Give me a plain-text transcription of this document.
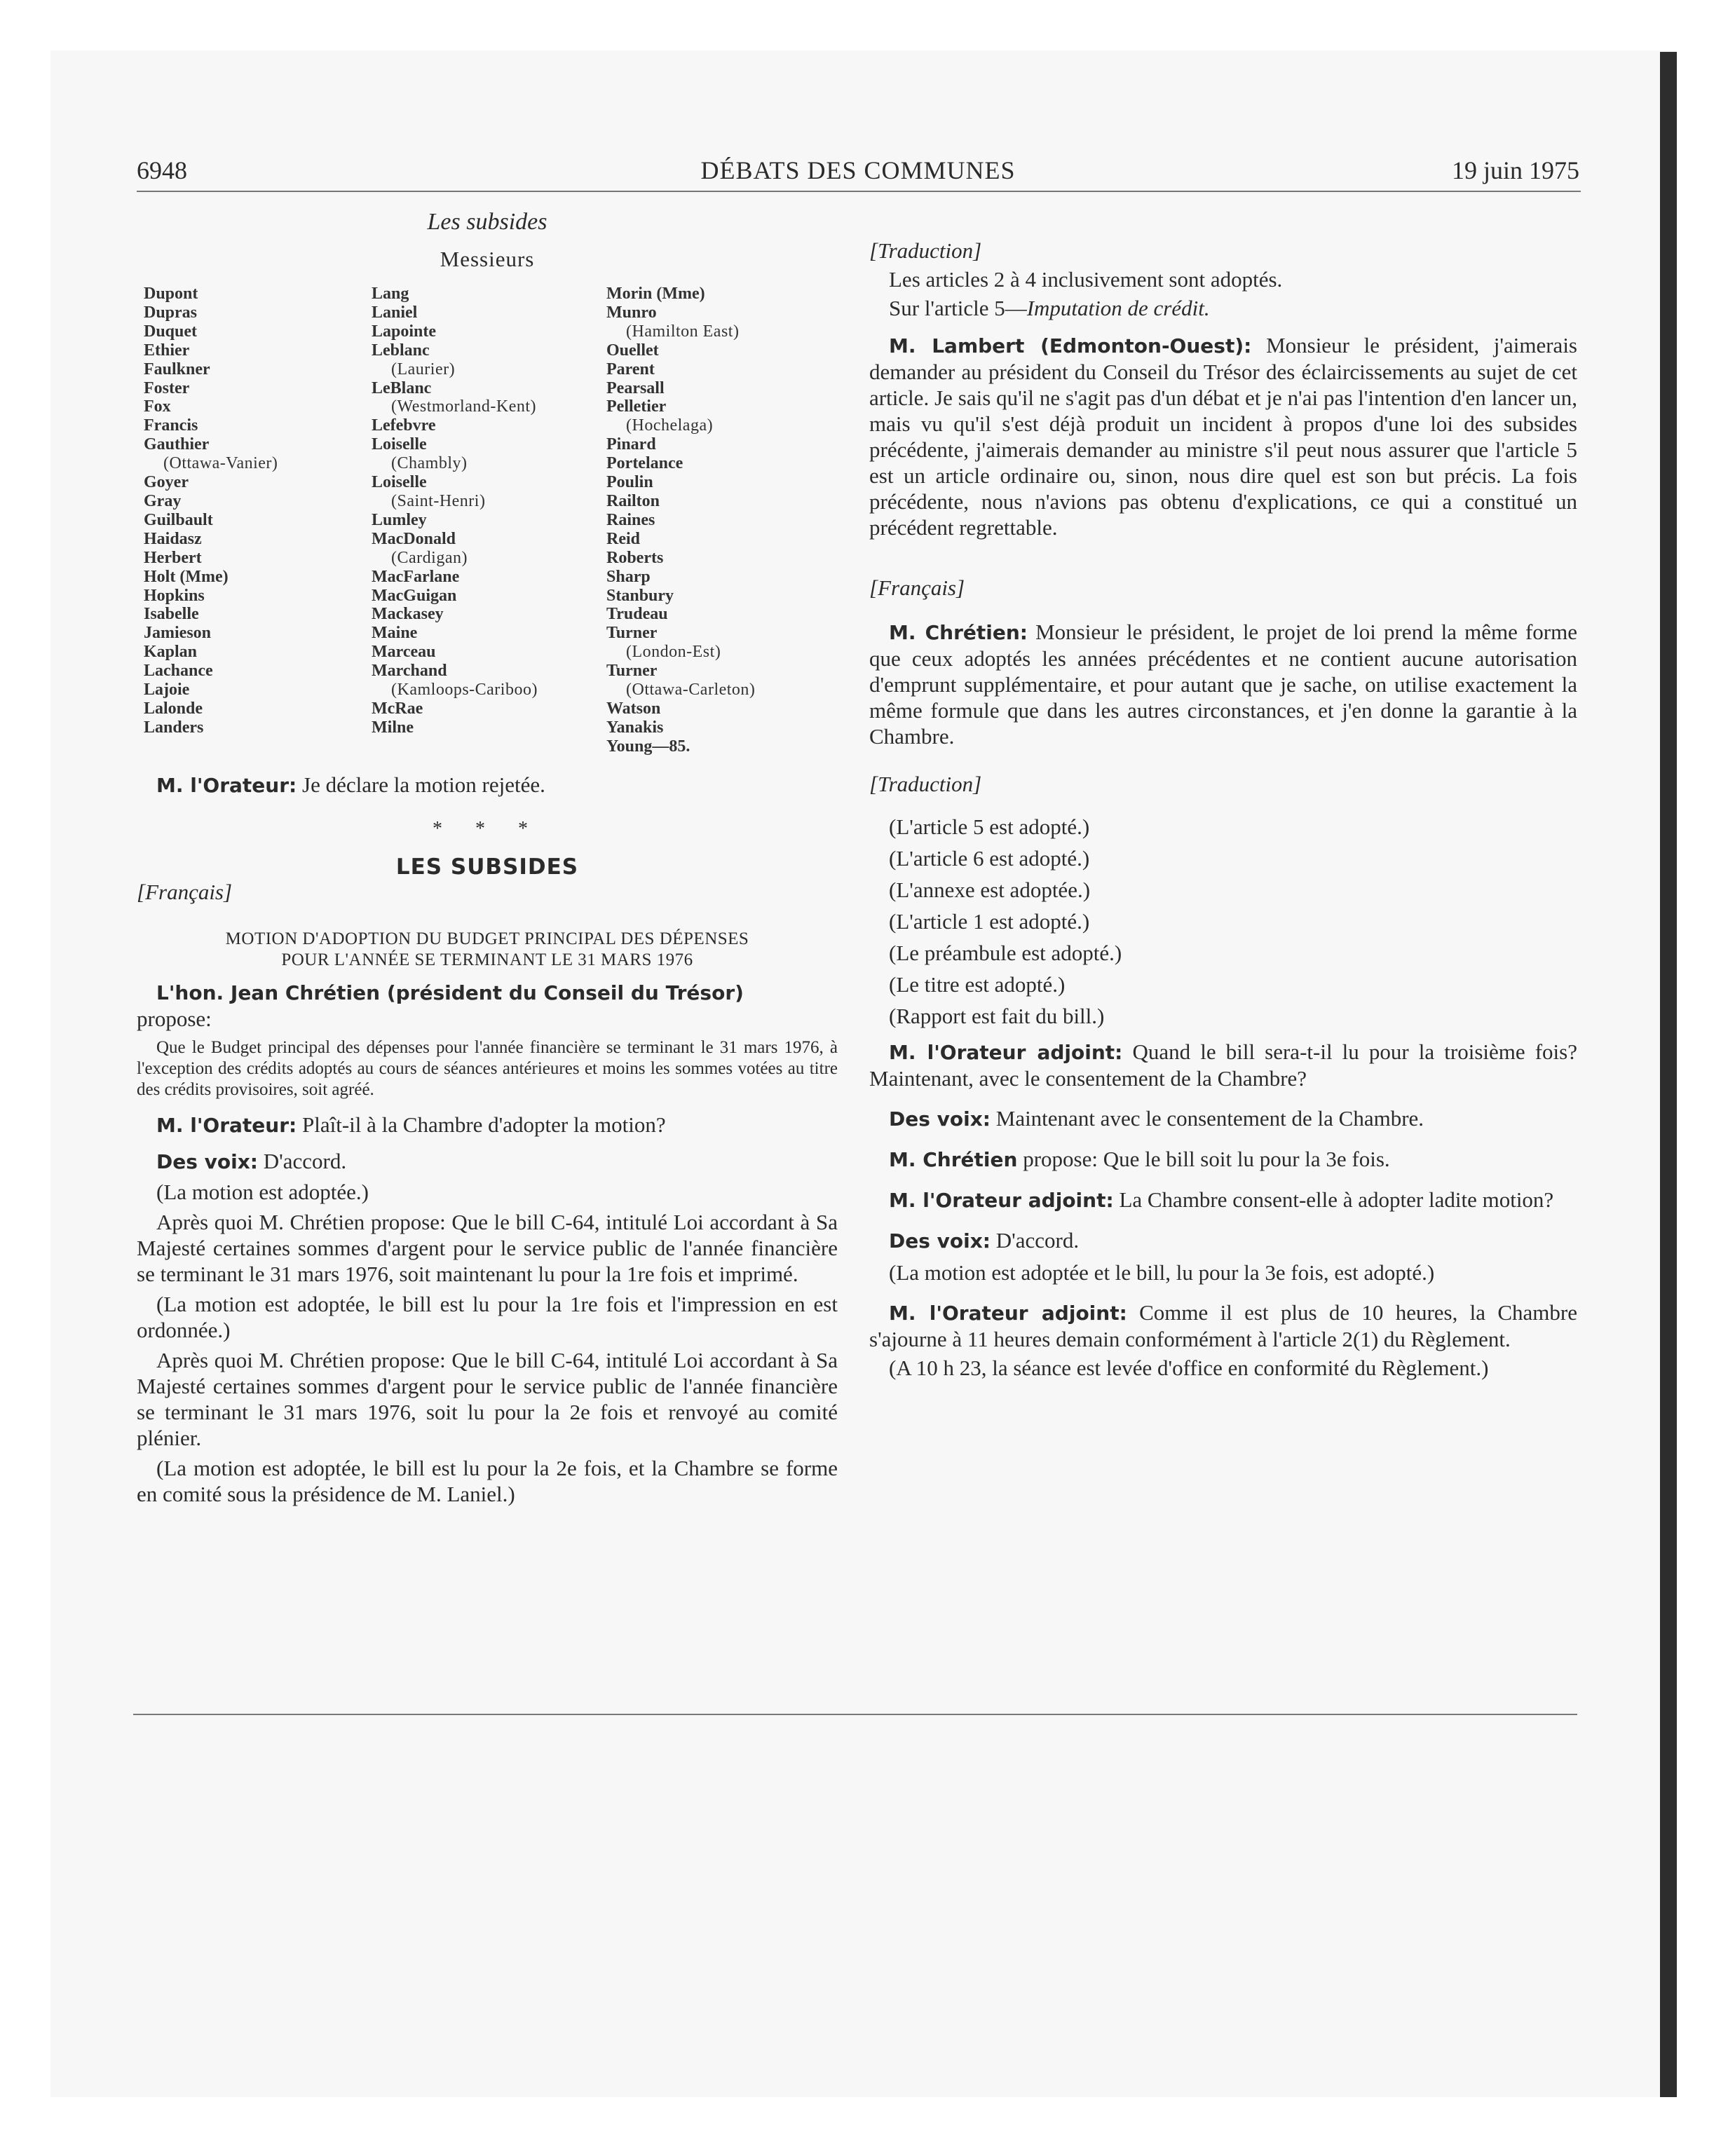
6948	DÉBATS DES COMMUNES	19 juin 1975
Les subsides
Messieurs
Dupont
Dupras
Duquet
Ethier
Faulkner
Foster
Fox
Francis
Gauthier
(Ottawa-Vanier)
Goyer
Gray
Guilbault
Haidasz
Herbert
Holt (Mme)
Hopkins
Isabelle
Jamieson
Kaplan
Lachance
Lajoie
Lalonde
Landers
Lang
Laniel
Lapointe
Leblanc
(Laurier)
LeBlanc
(Westmorland-Kent)
Lefebvre
Loiselle
(Chambly)
Loiselle
(Saint-Henri)
Lumley
MacDonald
(Cardigan)
MacFarlane
MacGuigan
Mackasey
Maine
Marceau
Marchand
(Kamloops-Cariboo)
McRae
Milne
Morin (Mme)
Munro
(Hamilton East)
Ouellet
Parent
Pearsall
Pelletier
(Hochelaga)
Pinard
Portelance
Poulin
Railton
Raines
Reid
Roberts
Sharp
Stanbury
Trudeau
Turner
(London-Est)
Turner
(Ottawa-Carleton)
Watson
Yanakis
Young—85.

M. l'Orateur: Je déclare la motion rejetée.

* * *
LES SUBSIDES
[Français]
MOTION D'ADOPTION DU BUDGET PRINCIPAL DES DÉPENSES
POUR L'ANNÉE SE TERMINANT LE 31 MARS 1976

L'hon. Jean Chrétien (président du Conseil du Trésor)

propose:

Que le Budget principal des dépenses pour l'année financière se terminant le 31 mars 1976, à l'exception des crédits adoptés au cours de séances antérieures et moins les sommes votées au titre des crédits provisoires, soit agréé.

M. l'Orateur: Plaît-il à la Chambre d'adopter la motion?

Des voix: D'accord.

(La motion est adoptée.)

Après quoi M. Chrétien propose: Que le bill C-64, intitulé Loi accordant à Sa Majesté certaines sommes d'argent pour le service public de l'année financière se terminant le 31 mars 1976, soit maintenant lu pour la 1re fois et imprimé.

(La motion est adoptée, le bill est lu pour la 1re fois et l'impression en est ordonnée.)

Après quoi M. Chrétien propose: Que le bill C-64, intitulé Loi accordant à Sa Majesté certaines sommes d'argent pour le service public de l'année financière se terminant le 31 mars 1976, soit lu pour la 2e fois et renvoyé au comité plénier.

(La motion est adoptée, le bill est lu pour la 2e fois, et la Chambre se forme en comité sous la présidence de M. Laniel.)

[Traduction]

Les articles 2 à 4 inclusivement sont adoptés.

Sur l'article 5—Imputation de crédit.

M. Lambert (Edmonton-Ouest): Monsieur le président, j'aimerais demander au président du Conseil du Trésor des éclaircissements au sujet de cet article. Je sais qu'il ne s'agit pas d'un débat et je n'ai pas l'intention d'en lancer un, mais vu qu'il s'est déjà produit un incident à propos d'une loi des subsides précédente, j'aimerais demander au ministre s'il peut nous assurer que l'article 5 est un article ordinaire ou, sinon, nous dire quel est son but précis. La fois précédente, nous n'avions pas obtenu d'explications, ce qui a constitué un précédent regrettable.

[Français]

M. Chrétien: Monsieur le président, le projet de loi prend la même forme que ceux adoptés les années précédentes et ne contient aucune autorisation d'emprunt supplémentaire, et pour autant que je sache, on utilise exactement la même formule que dans les autres circonstances, et j'en donne la garantie à la Chambre.

[Traduction]
(L'article 5 est adopté.)
(L'article 6 est adopté.)
(L'annexe est adoptée.)
(L'article 1 est adopté.)
(Le préambule est adopté.)
(Le titre est adopté.)
(Rapport est fait du bill.)

M. l'Orateur adjoint: Quand le bill sera-t-il lu pour la troisième fois? Maintenant, avec le consentement de la Chambre?

Des voix: Maintenant avec le consentement de la Chambre.

M. Chrétien propose: Que le bill soit lu pour la 3e fois.

M. l'Orateur adjoint: La Chambre consent-elle à adopter ladite motion?

Des voix: D'accord.

(La motion est adoptée et le bill, lu pour la 3e fois, est adopté.)

M. l'Orateur adjoint: Comme il est plus de 10 heures, la Chambre s'ajourne à 11 heures demain conformément à l'article 2(1) du Règlement.

(A 10 h 23, la séance est levée d'office en conformité du Règlement.)
